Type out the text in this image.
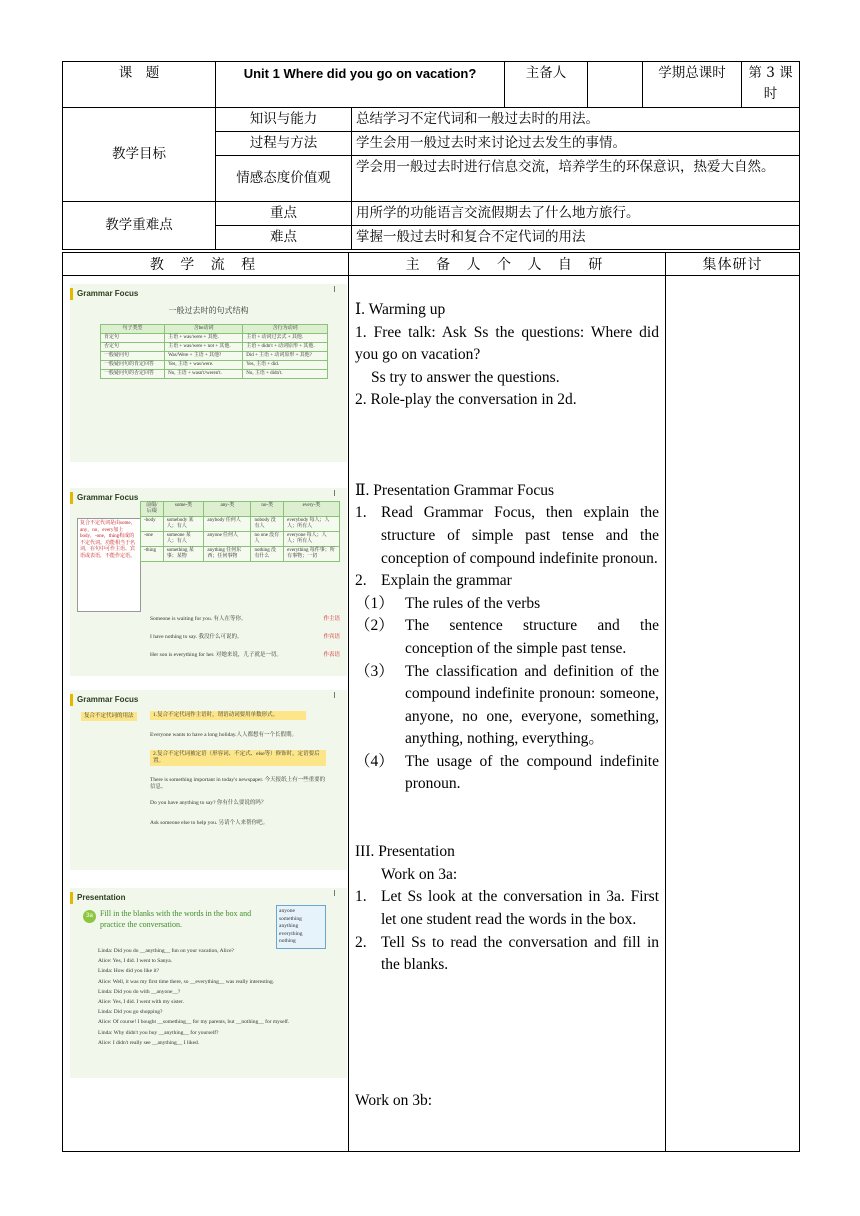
课　题	Unit 1 Where did you go on vacation?		主备人		学期总课时	第 3 课时
教学目标	知识与能力	总结学习不定代词和一般过去时的用法。				
	过程与方法	学生会用一般过去时来讨论过去发生的事情。				
	情感态度价值观	学会用一般过去时进行信息交流，培养学生的环保意识，热爱大自然。				
教学重难点	重点	用所学的功能语言交流假期去了什么地方旅行。				
	难点	掌握一般过去时和复合不定代词的用法				
教 学 流 程	主 备 人 个 人 自 研	集体研讨

Grammar Focus
一般过去时的句式结构
句子类型	含be动词	含行为动词
肯定句	主语 + was/were + 其他.	主语 + 动词过去式 + 其他.
否定句	主语 + was/were + not + 其他.	主语 + didn't + 动词原形 + 其他.
一般疑问句	Was/Were + 主语 + 其他?	Did + 主语 + 动词原形 + 其他?
一般疑问句的肯定回答	Yes, 主语 + was/were.	Yes, 主语 + did.
一般疑问句的否定回答	No, 主语 + wasn't/weren't.	No, 主语 + didn't.
Grammar Focus
复合不定代词是由some，any，no，every加上body，-one，thing构成的不定代词。功能相当于名词，在句中可作主语、宾语或表语，不能作定语。
前缀/后缀	some-类	any-类	no-类	every-类
-body	somebody 某人；有人	anybody 任何人	nobody 没有人	everybody 每人；人人；所有人
-one	someone 某人；有人	anyone 任何人	no one 没有人	everyone 每人；人人；所有人
-thing	something 某事；某物	anything 任何东西；任何事物	nothing 没有什么	everything 每件事；所有事物；一切
Someone is waiting for you. 有人在等你。	作主语
I have nothing to say. 我没什么可说的。	作宾语
Her son is everything for her. 对她来说，儿子就是一切。	作表语
Grammar Focus
复合不定代词的用法	1.复合不定代词作主语时，谓语动词要用单数形式。
Everyone wants to have a long holiday.人人都想有一个长假期。
2.复合不定代词被定语（形容词、不定式、else等）修饰时，定语要后置。
There is something important in today's newspaper. 今天报纸上有一些重要的信息。
Do you have anything to say? 你有什么要说的吗？
Ask someone else to help you. 另请个人来帮你吧。
Presentation
3a Fill in the blanks with the words in the box and practice the conversation.
anyone
something
anything
everything
nothing
Linda: Did you do __anything__ fun on your vacation, Alice?
Alice: Yes, I did. I went to Sanya.
Linda: How did you like it?
Alice: Well, it was my first time there, so __everything__ was really interesting.
Linda: Did you do with __anyone__?
Alice: Yes, I did. I went with my sister.
Linda: Did you go shopping?
Alice: Of course! I bought __something__ for my parents, but __nothing__ for myself.
Linda: Why didn't you buy __anything__ for yourself?
Alice: I didn't really see __anything__ I liked.

Ⅰ. Warming up

1. Free talk: Ask Ss the questions: Where did you go on vacation?

Ss try to answer the questions.

2. Role-play the conversation in 2d.

Ⅱ. Presentation Grammar Focus

1. Read Grammar Focus, then explain the structure of simple past tense and the conception of compound indefinite pronoun.
2. Explain the grammar
（1） The rules of the verbs
（2） The sentence structure and the conception of the simple past tense.
（3） The classification and definition of the compound indefinite pronoun: someone, anyone, no one, everyone, something, anything, nothing, everything。
（4） The usage of the compound indefinite pronoun.

III. Presentation

Work on 3a:

1. Let Ss look at the conversation in 3a. First let one student read the words in the box.
2. Tell Ss to read the conversation and fill in the blanks.

Work on 3b:
